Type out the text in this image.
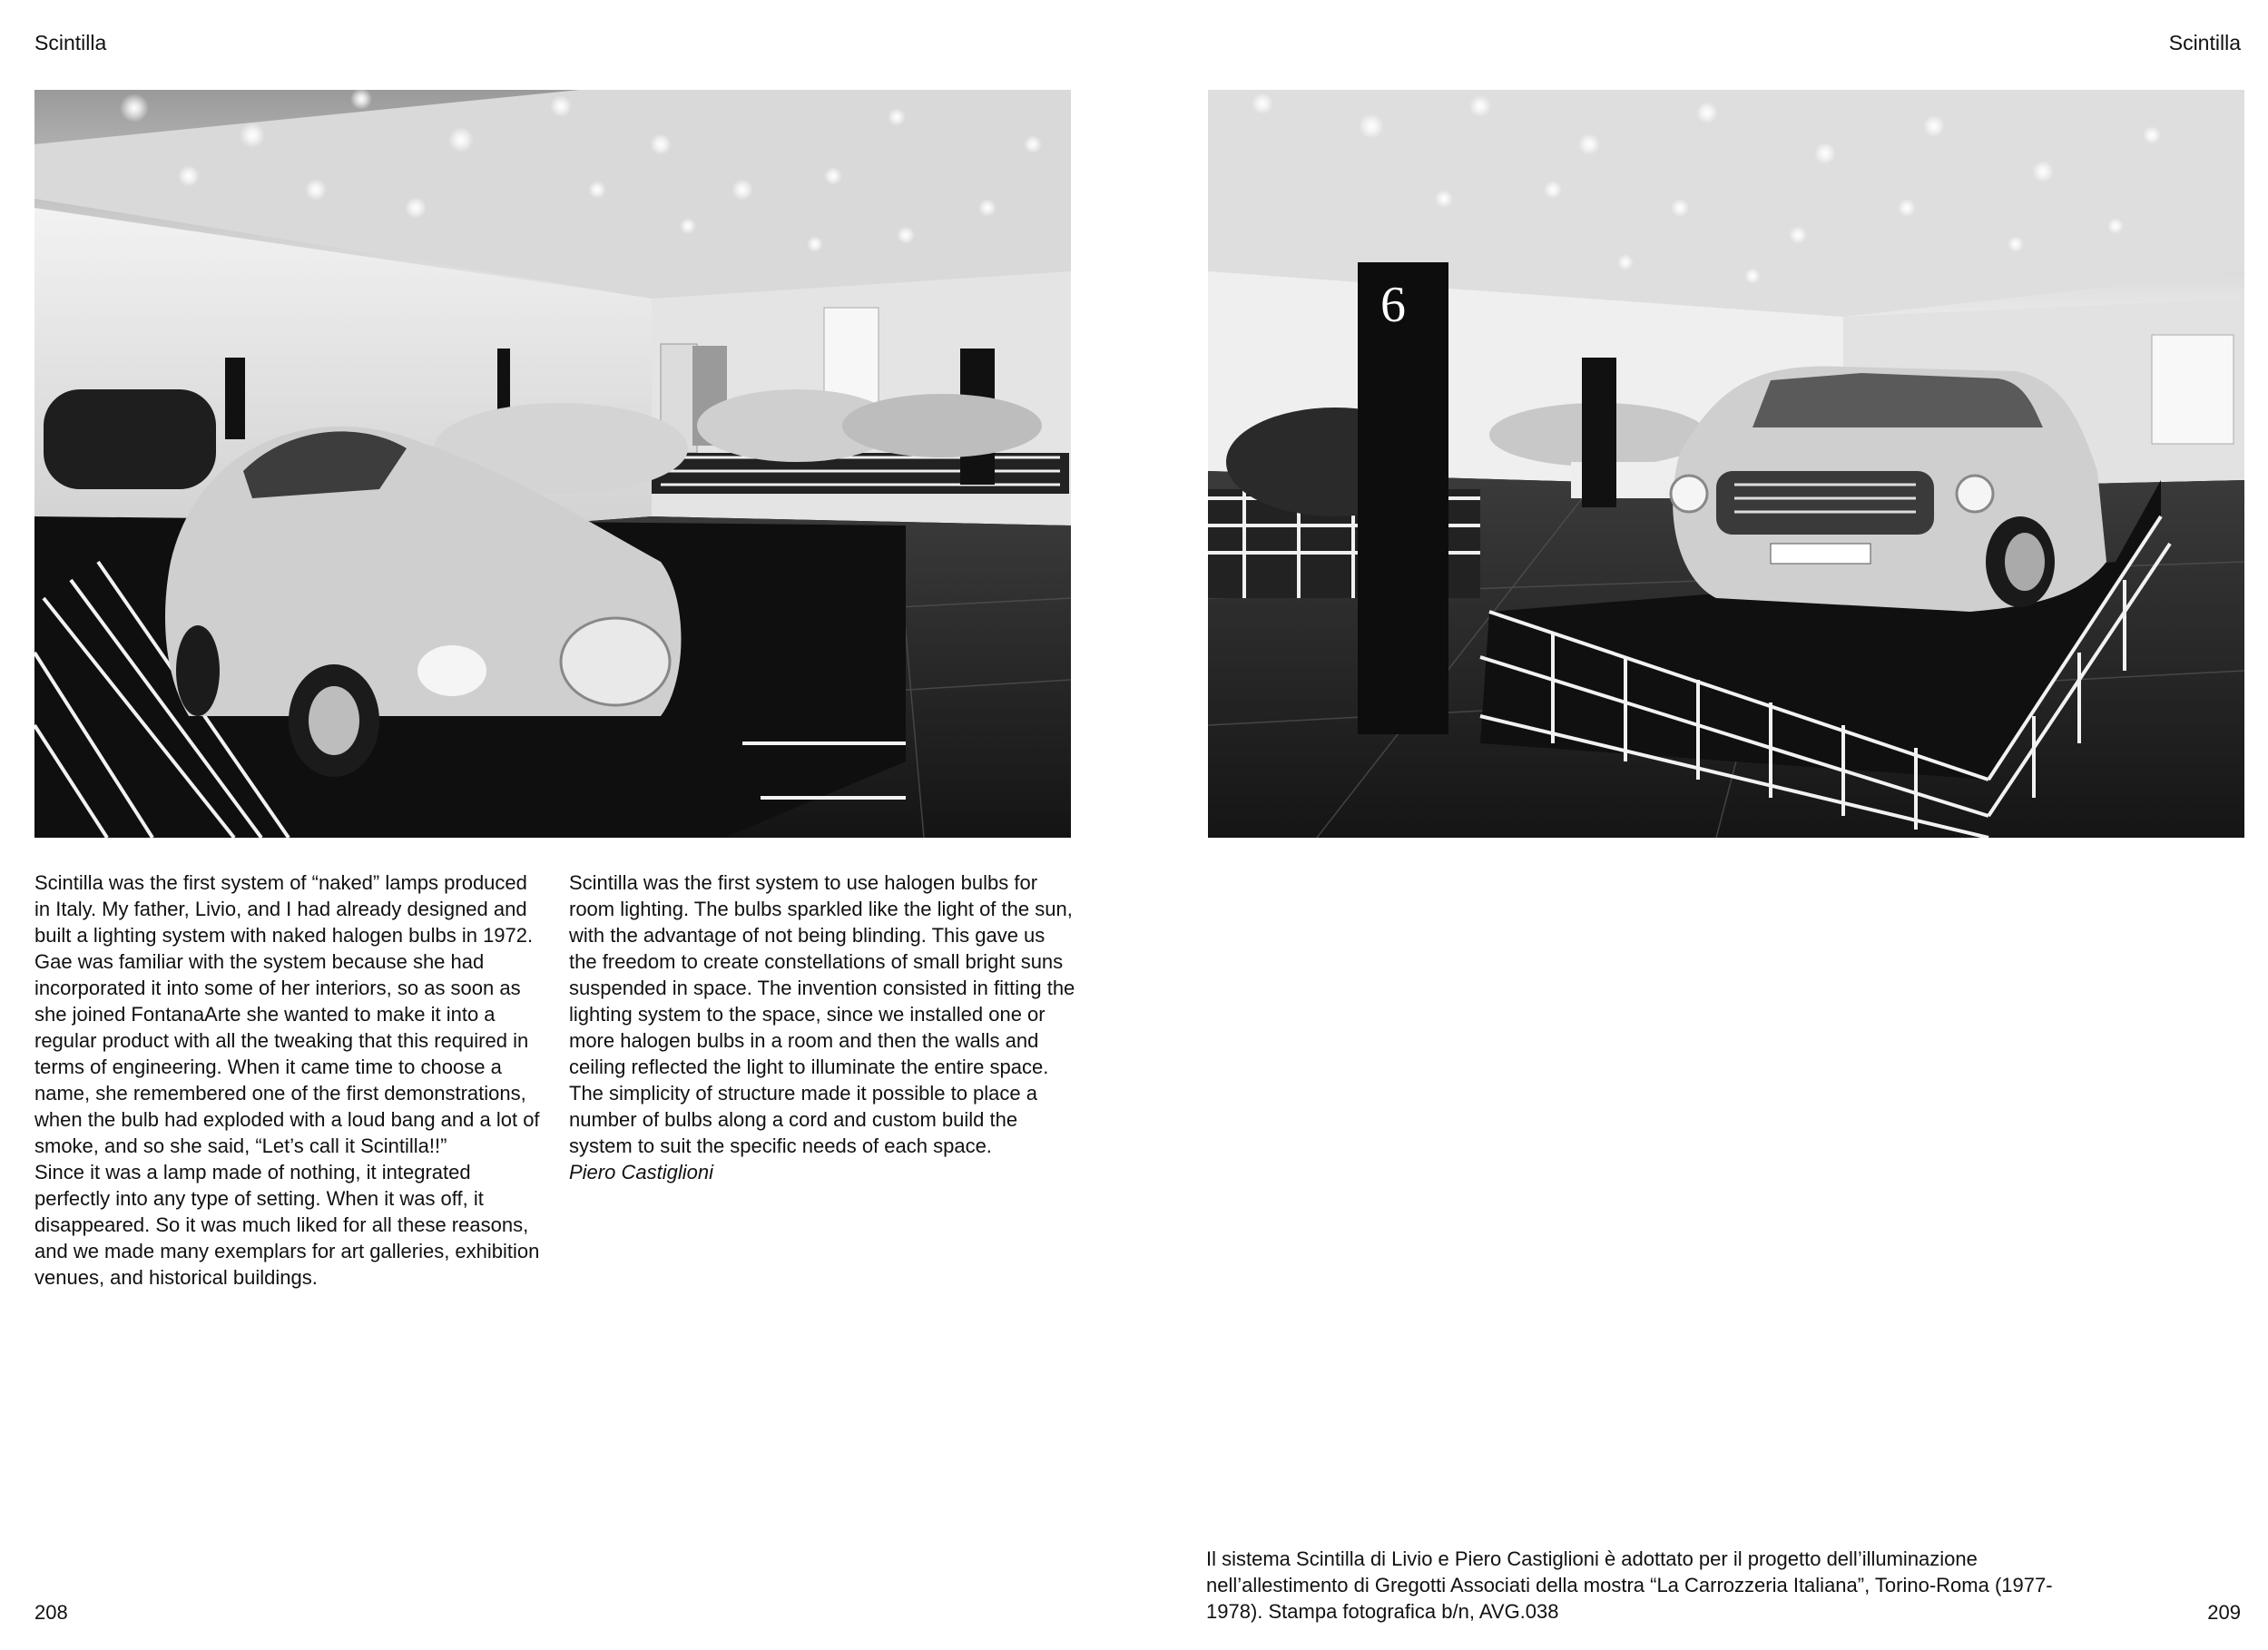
Scintilla

Scintilla was the first system of “naked” lamps produced in Italy. My father, Livio, and I had already designed and built a lighting system with naked halogen bulbs in 1972. Gae was familiar with the system because she had incorporated it into some of her interiors, so as soon as she joined FontanaArte she wanted to make it into a regular product with all the tweaking that this required in terms of engineering. When it came time to choose a name, she remembered one of the first demonstrations, when the bulb had exploded with a loud bang and a lot of smoke, and so she said, “Let’s call it Scintilla!!”

Since it was a lamp made of nothing, it integrated perfectly into any type of setting. When it was off, it disappeared. So it was much liked for all these reasons, and we made many exemplars for art galleries, exhibition venues, and historical buildings.

Scintilla was the first system to use halogen bulbs for room lighting. The bulbs sparkled like the light of the sun, with the advantage of not being blinding. This gave us the freedom to create constellations of small bright suns suspended in space. The invention consisted in fitting the lighting system to the space, since we installed one or more halogen bulbs in a room and then the walls and ceiling reflected the light to illuminate the entire space. The simplicity of structure made it possible to place a number of bulbs along a cord and custom build the system to suit the specific needs of each space.

Piero Castiglioni

208
Scintilla
6

Il sistema Scintilla di Livio e Piero Castiglioni è adottato per il progetto dell’illuminazione nell’allestimento di Gregotti Associati della mostra “La Carrozzeria Italiana”, Torino-Roma (1977-1978). Stampa fotografica b/n, AVG.038	209
